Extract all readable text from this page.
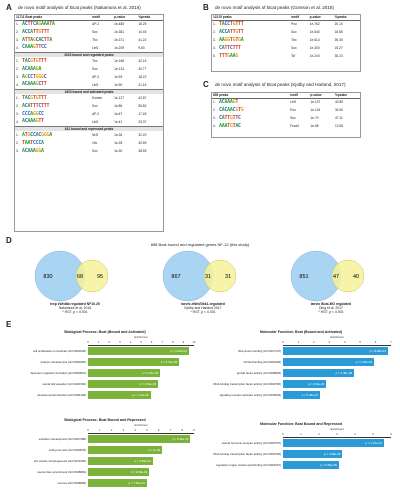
A de novo motif analysis of Bcat peaks (Nakamura et al. 2016)
11711 Bcat peaks		motif	p-value	%peaks
1.	ACTTCAGAAATA	AP-2	1e-485	18.25
2.	ACCATTGTTT	Sox	1e-381	10.45
3.	ATTAGCACTTA	Tbx	1e-371	41.22
4.	CAAAGTTCC	Lef1	1e-209	9.63
2615 bound and regulated peaks				
1.	TACGTGTTT	Tbx	1e-168	42.15
2.	ACAAAGA	Sox	1e-124	40.77
3.	AGCCTGGGC	AP-2	1e-93	18.22
4.	ACAAAGCTT	Lef1	1e-90	21.16
1603 bound and activated peaks				
1.	TACGTGTTT	Eomes	1e-127	42.87
2.	ACATTTCTTT	Sox	1e-86	55.82
3.	CCCAGGCC	AP-2	1e-67	17.45
4.	ACAAAGTT	Lef1	1e-42	23.37
813 bound and repressed peaks				
1.	ATGCCACGGGA	Nr2f	1e-36	32.20
2.	TAATCCCA	Otx	1e-35	30.59
3.	ACAAAGGA	Sox	1e-30	38.55
B de novo motif analysis of Bcat peaks (Gomson et al. 2018)
12215 peaks		motif	p-value	%peaks
1.	TACCTGTTT	Pou	1e-762	20.10
2.	ACCATTGTT	Sox	1e-540	18.85
3.	AAGGTGTGA	Tbx	1e-514	39.35
4.	CATTCTTT	Sox	1e-300	15.27
5.	TTTGAAG	Tcf	1e-240	35.23
C de novo motif analysis of Bcat peaks (Kjolby and Harland, 2017)
855 peaks		motif	p-value	%peaks
1.	ACAAAGT	Lef1	1e-137	40.80
2.	CACAACGTG	Pou	1e-124	34.50
3.	CATTGTTC	Sox	1e-70	47.11
4.	AAATGTAC	Foxa3	1e-68	12.65
D	898 Bcat bound and regulated genes NF-12 (this study)
830	68	95
trop zWnt8a regulated NF10.25
Nakamura et al. 2016
* HGT, p < 0.001
867	31	31
laevis zWnt/Dkk1-regulated
Kjolby and Harland 2017
* HGT, p < 0.001
851	47	40
laevis Bcat-MO regulated
Ding et al. 2017
* HGT, p < 0.001
E
Biological Process: Bcat (Bound and Activated)
Enrichment
0	1	2	3	4	5	6	7	8	9	10
cell proliferation in forebrain (GO:0021846)	p = 5.94e-04
pharynx development (GO:0060465)	p = 4.32e-05
Spemann organizer formation (GO:0060061)	p = 4.23e-05
neural fold elevation (GO:0021502)	p = 1.64e-03
developmental induction (GO:0031128)	p = 1.10e-04
Molecular Function: Bcat (Bound and Activated)
Enrichment
0	1	2	3	4	5	6	7
Wnt-protein binding (GO:0017147)	p = 8.88e-04
frizzled binding (GO:0005109)	p = 2.05e-04
growth factor activity (GO:0008083)	p = 4.48e-08
DNA-binding transcription factor activity (GO:0003700)	p = 2.16e-20
signaling receptor activator activity (GO:0030546)	p = 5.45e-07
Biological Process: Bcat Bound and Repressed
Enrichment
0	1	2	3	4	5	6	7	8	9
ectoderm development (GO:0007398)	p = 6.36e-04
embryonic axis (GO:0000578)	p = 1e-04
otic vesicle morphogenesis (GO:0071600)	p = 2.84e-04
neuron fate commitment (GO:0048663)	p = 3.89e-04
nervous (GO:0048699)	p = 7.56e-04
Molecular Function: Bcat Bound and Repressed
Enrichment
0	1	2	3	4	5	6
steroid hormone receptor activity (GO:0003707)	p = 1.15e-04
DNA-binding transcription factor activity (GO:0003700)	p = 4.58e-25
regulatory region nucleic acid binding (GO:0001067)	p = 6.53e-05
